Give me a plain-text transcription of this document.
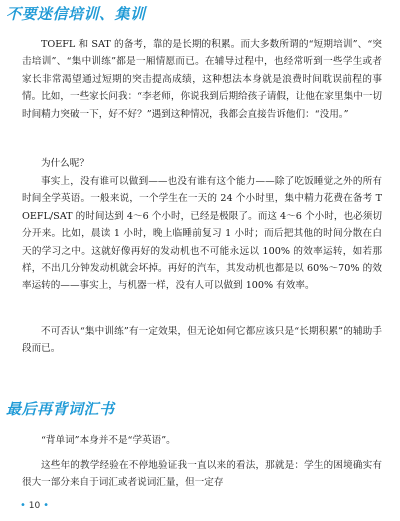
不要迷信培训、集训

TOEFL 和 SAT 的备考，靠的是长期的积累。而大多数所谓的“短期培训”、“突击培训”、“集中训练”都是一厢情愿而已。在辅导过程中，也经常听到一些学生或者家长非常渴望通过短期的突击提高成绩，这种想法本身就是浪费时间耽误前程的事情。比如，一些家长问我：“李老师，你说我到后期给孩子请假，让他在家里集中一切时间精力突破一下，好不好？”遇到这种情况，我都会直接告诉他们：“没用。”

为什么呢？

事实上，没有谁可以做到——也没有谁有这个能力——除了吃饭睡觉之外的所有时间全学英语。一般来说，一个学生在一天的 24 个小时里，集中精力花费在备考 TOEFL/SAT 的时间达到 4～6 个小时，已经是极限了。而这 4～6 个小时，也必须切分开来。比如，晨读 1 小时，晚上临睡前复习 1 小时；而后把其他的时间分散在白天的学习之中。这就好像再好的发动机也不可能永远以 100% 的效率运转，如若那样，不出几分钟发动机就会坏掉。再好的汽车，其发动机也都是以 60%～70% 的效率运转的——事实上，与机器一样，没有人可以做到 100% 有效率。

不可否认“集中训练”有一定效果，但无论如何它都应该只是“长期积累”的辅助手段而已。

最后再背词汇书

“背单词”本身并不是“学英语”。

这些年的教学经验在不停地验证我一直以来的看法，那就是：学生的困境确实有很大一部分来自于词汇或者说词汇量，但一定存

• 10 •
